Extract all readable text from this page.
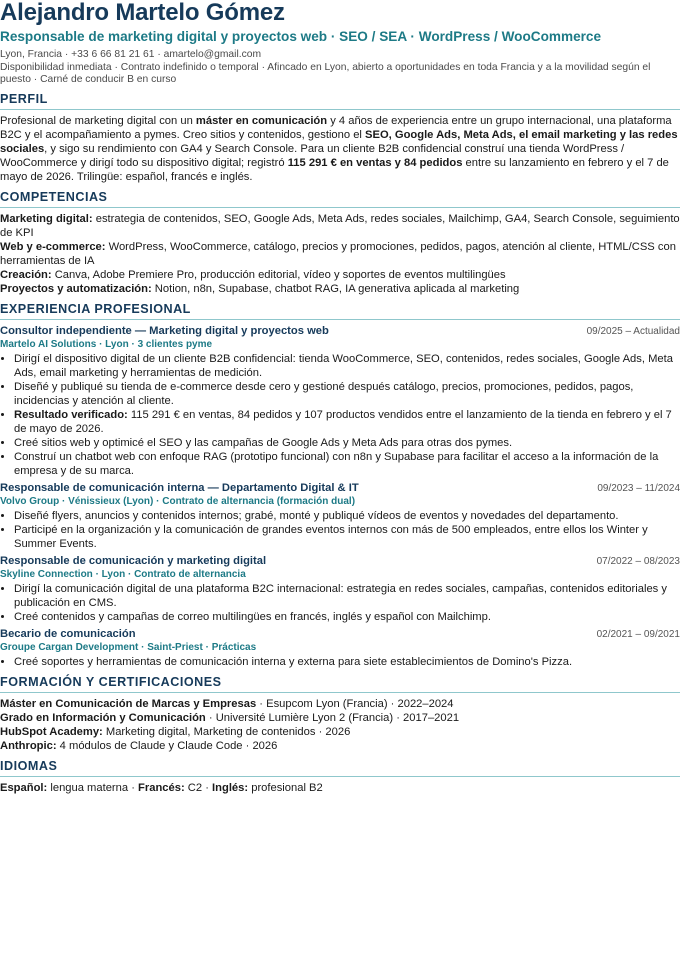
Alejandro Martelo Gómez
Responsable de marketing digital y proyectos web · SEO / SEA · WordPress / WooCommerce
Lyon, Francia · +33 6 66 81 21 61 · amartelo@gmail.com
Disponibilidad inmediata · Contrato indefinido o temporal · Afincado en Lyon, abierto a oportunidades en toda Francia y a la movilidad según el puesto · Carné de conducir B en curso
PERFIL

Profesional de marketing digital con un máster en comunicación y 4 años de experiencia entre un grupo internacional, una plataforma B2C y el acompañamiento a pymes. Creo sitios y contenidos, gestiono el SEO, Google Ads, Meta Ads, el email marketing y las redes sociales, y sigo su rendimiento con GA4 y Search Console. Para un cliente B2B confidencial construí una tienda WordPress / WooCommerce y dirigí todo su dispositivo digital; registró 115 291 € en ventas y 84 pedidos entre su lanzamiento en febrero y el 7 de mayo de 2026. Trilingüe: español, francés e inglés.

COMPETENCIAS

Marketing digital: estrategia de contenidos, SEO, Google Ads, Meta Ads, redes sociales, Mailchimp, GA4, Search Console, seguimiento de KPI

Web y e-commerce: WordPress, WooCommerce, catálogo, precios y promociones, pedidos, pagos, atención al cliente, HTML/CSS con herramientas de IA

Creación: Canva, Adobe Premiere Pro, producción editorial, vídeo y soportes de eventos multilingües

Proyectos y automatización: Notion, n8n, Supabase, chatbot RAG, IA generativa aplicada al marketing

EXPERIENCIA PROFESIONAL
Consultor independiente — Marketing digital y proyectos web	09/2025 – Actualidad
Martelo AI Solutions · Lyon · 3 clientes pyme
• Dirigí el dispositivo digital de un cliente B2B confidencial: tienda WooCommerce, SEO, contenidos, redes sociales, Google Ads, Meta Ads, email marketing y herramientas de medición.
• Diseñé y publiqué su tienda de e-commerce desde cero y gestioné después catálogo, precios, promociones, pedidos, pagos, incidencias y atención al cliente.
• Resultado verificado: 115 291 € en ventas, 84 pedidos y 107 productos vendidos entre el lanzamiento de la tienda en febrero y el 7 de mayo de 2026.
• Creé sitios web y optimicé el SEO y las campañas de Google Ads y Meta Ads para otras dos pymes.
• Construí un chatbot web con enfoque RAG (prototipo funcional) con n8n y Supabase para facilitar el acceso a la información de la empresa y de su marca.
Responsable de comunicación interna — Departamento Digital & IT	09/2023 – 11/2024
Volvo Group · Vénissieux (Lyon) · Contrato de alternancia (formación dual)
• Diseñé flyers, anuncios y contenidos internos; grabé, monté y publiqué vídeos de eventos y novedades del departamento.
• Participé en la organización y la comunicación de grandes eventos internos con más de 500 empleados, entre ellos los Winter y Summer Events.
Responsable de comunicación y marketing digital	07/2022 – 08/2023
Skyline Connection · Lyon · Contrato de alternancia
• Dirigí la comunicación digital de una plataforma B2C internacional: estrategia en redes sociales, campañas, contenidos editoriales y publicación en CMS.
• Creé contenidos y campañas de correo multilingües en francés, inglés y español con Mailchimp.
Becario de comunicación	02/2021 – 09/2021
Groupe Cargan Development · Saint-Priest · Prácticas
• Creé soportes y herramientas de comunicación interna y externa para siete establecimientos de Domino's Pizza.
FORMACIÓN Y CERTIFICACIONES

Máster en Comunicación de Marcas y Empresas · Esupcom Lyon (Francia) · 2022–2024

Grado en Información y Comunicación · Université Lumière Lyon 2 (Francia) · 2017–2021

HubSpot Academy: Marketing digital, Marketing de contenidos · 2026

Anthropic: 4 módulos de Claude y Claude Code · 2026

IDIOMAS

Español: lengua materna · Francés: C2 · Inglés: profesional B2
